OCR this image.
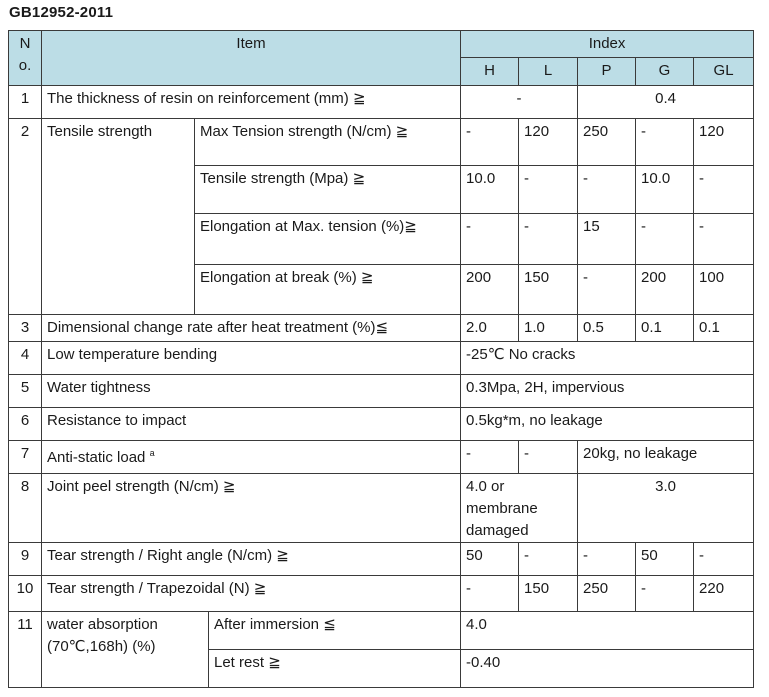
GB12952-2011
N
o.	Item			Index				
				H	L	P	G	GL
1	The thickness of resin on reinforcement (mm) ≧			-		0.4		
2	Tensile strength	Max Tension strength (N/cm) ≧		-	120	250	-	120
		Tensile strength (Mpa) ≧		10.0	-	-	10.0	-
		Elongation at Max. tension (%)≧		-	-	15	-	-
		Elongation at break (%) ≧		200	150	-	200	100
3	Dimensional change rate after heat treatment (%)≦			2.0	1.0	0.5	0.1	0.1
4	Low temperature bending			-25℃ No cracks				
5	Water tightness			0.3Mpa, 2H, impervious				
6	Resistance to impact			0.5kg*m, no leakage				
7	Anti-static load $^a$			-	-	20kg, no leakage		
8	Joint peel strength (N/cm) ≧			4.0 or membrane damaged		3.0		
9	Tear strength / Right angle (N/cm) ≧			50	-	-	50	-
10	Tear strength / Trapezoidal (N) ≧			-	150	250	-	220
11	water absorption (70℃,168h) (%)		After immersion ≦	4.0				
			Let rest ≧	-0.40				
